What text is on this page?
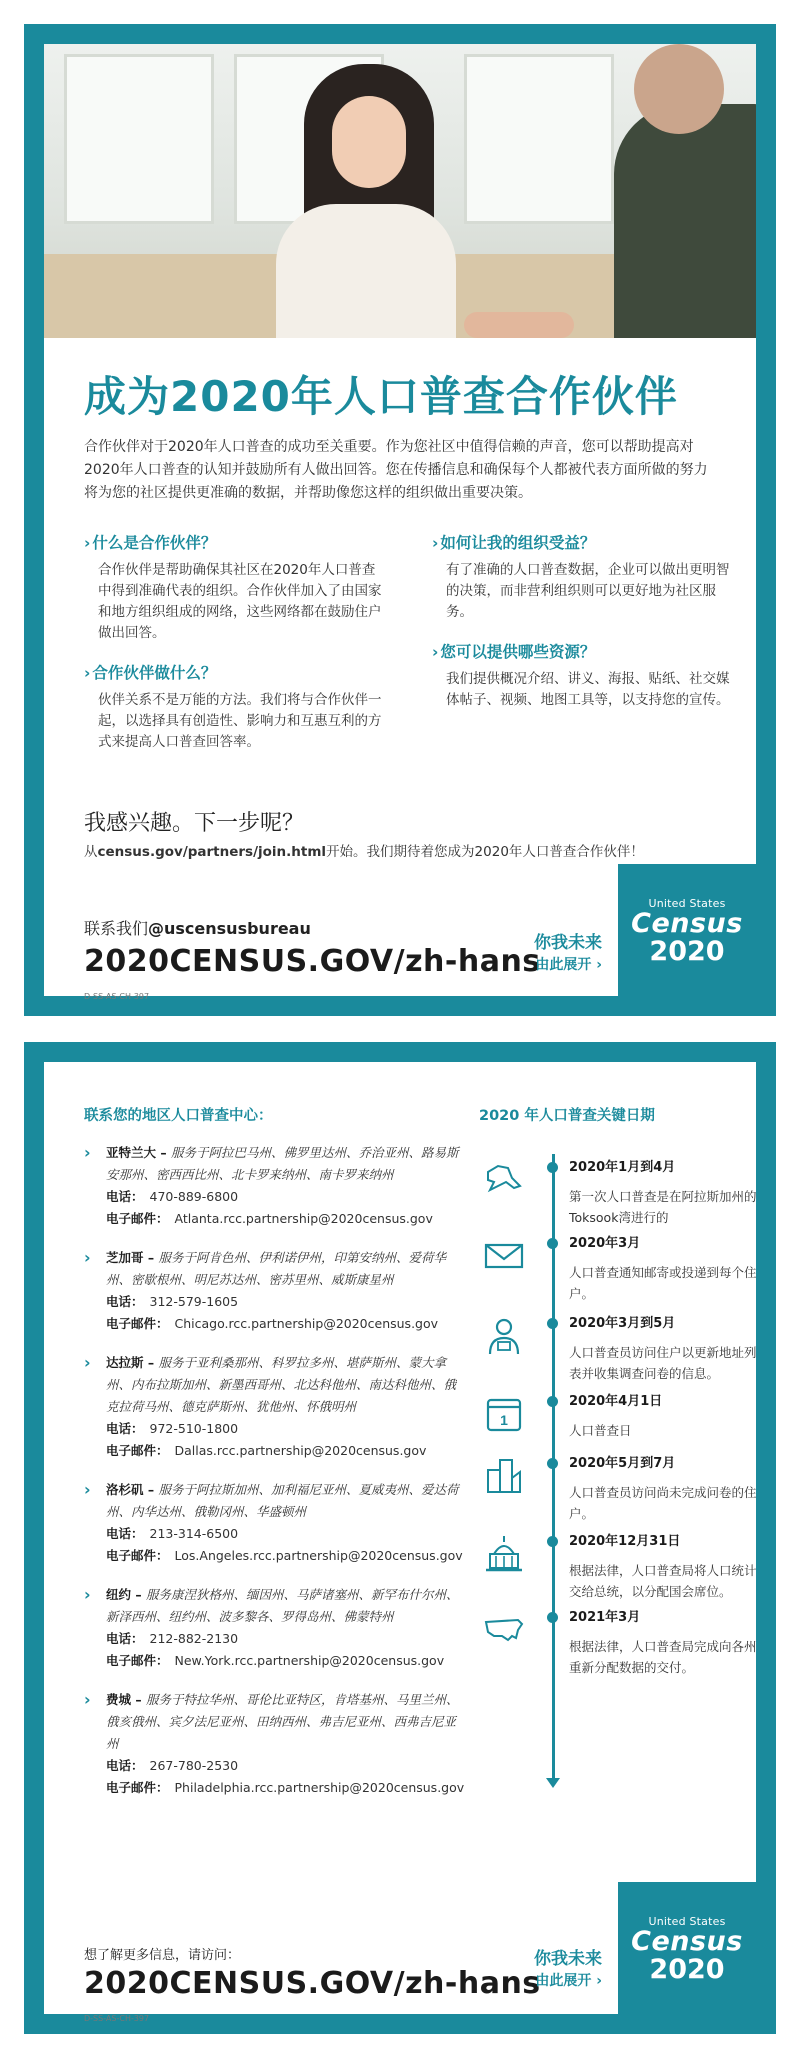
成为2020年人口普查合作伙伴

合作伙伴对于2020年人口普查的成功至关重要。作为您社区中值得信赖的声音，您可以帮助提高对2020年人口普查的认知并鼓励所有人做出回答。您在传播信息和确保每个人都被代表方面所做的努力将为您的社区提供更准确的数据，并帮助像您这样的组织做出重要决策。

› 什么是合作伙伴？

合作伙伴是帮助确保其社区在2020年人口普查中得到准确代表的组织。合作伙伴加入了由国家和地方组织组成的网络，这些网络都在鼓励住户做出回答。

› 合作伙伴做什么？

伙伴关系不是万能的方法。我们将与合作伙伴一起，以选择具有创造性、影响力和互惠互利的方式来提高人口普查回答率。

› 如何让我的组织受益？

有了准确的人口普查数据，企业可以做出更明智的决策，而非营利组织则可以更好地为社区服务。

› 您可以提供哪些资源？

我们提供概况介绍、讲义、海报、贴纸、社交媒体帖子、视频、地图工具等，以支持您的宣传。

我感兴趣。下一步呢？
从census.gov/partners/join.html开始。我们期待着您成为2020年人口普查合作伙伴！
联系我们@uscensusbureau
2020CENSUS.GOV/zh-hans
D-SS-AS-CH-397
你我未来
由此展开 ›
United States
Census
2020
联系您的地区人口普查中心：
› 亚特兰大 – 服务于阿拉巴马州、佛罗里达州、乔治亚州、路易斯安那州、密西西比州、北卡罗来纳州、南卡罗来纳州
电话： 470-889-6800
电子邮件： Atlanta.rcc.partnership@2020census.gov
› 芝加哥 – 服务于阿肯色州、伊利诺伊州，印第安纳州、爱荷华州、密歇根州、明尼苏达州、密苏里州、威斯康星州
电话： 312-579-1605
电子邮件： Chicago.rcc.partnership@2020census.gov
› 达拉斯 – 服务于亚利桑那州、科罗拉多州、堪萨斯州、蒙大拿州、内布拉斯加州、新墨西哥州、北达科他州、南达科他州、俄克拉荷马州、德克萨斯州、犹他州、怀俄明州
电话： 972-510-1800
电子邮件： Dallas.rcc.partnership@2020census.gov
› 洛杉矶 – 服务于阿拉斯加州、加利福尼亚州、夏威夷州、爱达荷州、内华达州、俄勒冈州、华盛顿州
电话： 213-314-6500
电子邮件： Los.Angeles.rcc.partnership@2020census.gov
› 纽约 – 服务康涅狄格州、缅因州、马萨诸塞州、新罕布什尔州、新泽西州、纽约州、波多黎各、罗得岛州、佛蒙特州
电话： 212-882-2130
电子邮件： New.York.rcc.partnership@2020census.gov
› 费城 – 服务于特拉华州、哥伦比亚特区，肯塔基州、马里兰州、俄亥俄州、宾夕法尼亚州、田纳西州、弗吉尼亚州、西弗吉尼亚州
电话： 267-780-2530
电子邮件： Philadelphia.rcc.partnership@2020census.gov
2020 年人口普查关键日期
2020年1月到4月
第一次人口普查是在阿拉斯加州的Toksook湾进行的
2020年3月
人口普查通知邮寄或投递到每个住户。
2020年3月到5月
人口普查员访问住户以更新地址列表并收集调查问卷的信息。
1
2020年4月1日
人口普查日
2020年5月到7月
人口普查员访问尚未完成问卷的住户。
2020年12月31日
根据法律，人口普查局将人口统计交给总统，以分配国会席位。
2021年3月
根据法律，人口普查局完成向各州重新分配数据的交付。
想了解更多信息，请访问：
2020CENSUS.GOV/zh-hans
D-SS-AS-CH-397
你我未来
由此展开 ›
United States
Census
2020
